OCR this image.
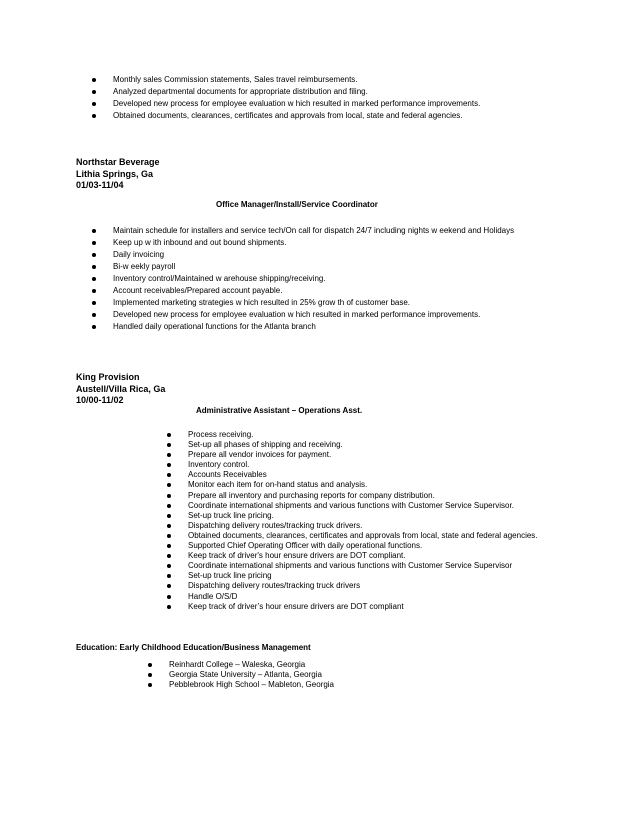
Monthly sales Commission statements, Sales travel reimbursements.
Analyzed departmental documents for appropriate distribution and filing.
Developed new process for employee evaluation w hich resulted in marked performance improvements.
Obtained documents, clearances, certificates and approvals from local, state and federal agencies.
Northstar Beverage
Lithia Springs, Ga
01/03-11/04
Office Manager/Install/Service Coordinator
Maintain schedule for installers and service tech/On call for dispatch 24/7 including nights w eekend and Holidays
Keep up w ith inbound and out bound shipments.
Daily invoicing
Bi-w eekly payroll
Inventory control/Maintained w arehouse shipping/receiving.
Account receivables/Prepared account payable.
Implemented marketing strategies w hich resulted in 25% grow th of customer base.
Developed new process for employee evaluation w hich resulted in marked performance improvements.
Handled daily operational functions for the Atlanta branch
King Provision
Austell/Villa Rica, Ga
10/00-11/02
Administrative Assistant – Operations Asst.
Process receiving.
Set-up all phases of shipping and receiving.
Prepare all vendor invoices for payment.
Inventory control.
Accounts Receivables
Monitor each item for on-hand status and analysis.
Prepare all inventory and purchasing reports for company distribution.
Coordinate international shipments and various functions with Customer Service Supervisor.
Set-up truck line pricing.
Dispatching delivery routes/tracking truck drivers.
Obtained documents, clearances, certificates and approvals from local, state and federal agencies.
Supported Chief Operating Officer with daily operational functions.
Keep track of driver's hour ensure drivers are DOT compliant.
Coordinate international shipments and various functions with Customer Service Supervisor
Set-up truck line pricing
Dispatching delivery routes/tracking truck drivers
Handle O/S/D
Keep track of driver’s hour ensure drivers are DOT compliant
Education: Early Childhood Education/Business Management
Reinhardt College – Waleska, Georgia
Georgia State University – Atlanta, Georgia
Pebblebrook High School – Mableton, Georgia
